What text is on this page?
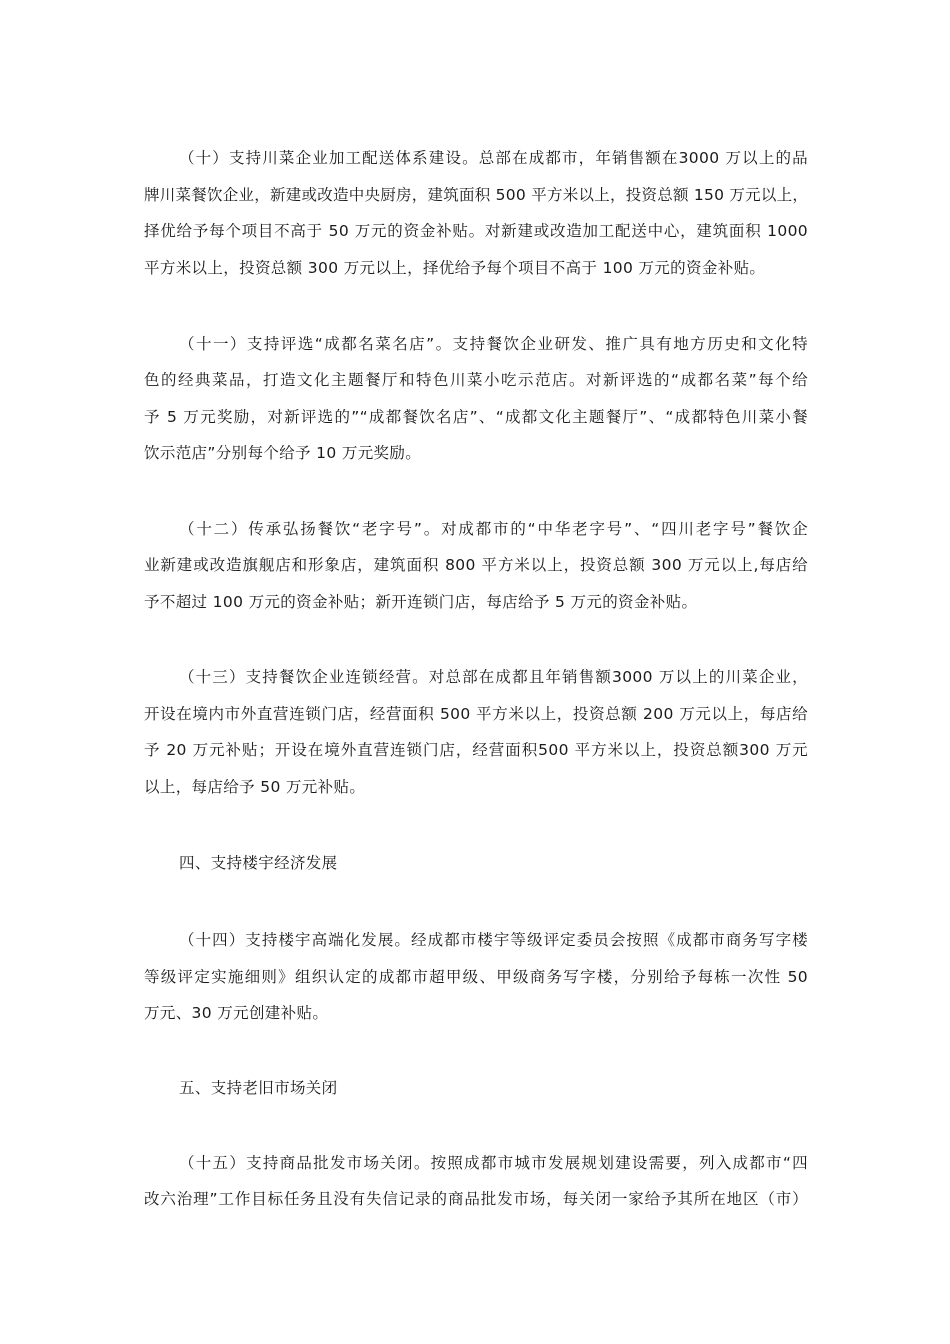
（十）支持川菜企业加工配送体系建设。总部在成都市，年销售额在3000 万以上的品
牌川菜餐饮企业，新建或改造中央厨房，建筑面积 500 平方米以上，投资总额 150 万元以上，
择优给予每个项目不高于 50 万元的资金补贴。对新建或改造加工配送中心，建筑面积 1000
平方米以上，投资总额 300 万元以上，择优给予每个项目不高于 100 万元的资金补贴。
（十一）支持评选“成都名菜名店”。支持餐饮企业研发、推广具有地方历史和文化特
色的经典菜品，打造文化主题餐厅和特色川菜小吃示范店。对新评选的“成都名菜”每个给
予 5 万元奖励，对新评选的”“成都餐饮名店”、“成都文化主题餐厅”、“成都特色川菜小餐
饮示范店”分别每个给予 10 万元奖励。
（十二）传承弘扬餐饮“老字号”。对成都市的“中华老字号”、“四川老字号”餐饮企
业新建或改造旗舰店和形象店，建筑面积 800 平方米以上，投资总额 300 万元以上,每店给
予不超过 100 万元的资金补贴；新开连锁门店，每店给予 5 万元的资金补贴。
（十三）支持餐饮企业连锁经营。对总部在成都且年销售额3000 万以上的川菜企业，
开设在境内市外直营连锁门店，经营面积 500 平方米以上，投资总额 200 万元以上，每店给
予 20 万元补贴；开设在境外直营连锁门店，经营面积500 平方米以上，投资总额300 万元
以上，每店给予 50 万元补贴。
四、支持楼宇经济发展
（十四）支持楼宇高端化发展。经成都市楼宇等级评定委员会按照《成都市商务写字楼
等级评定实施细则》组织认定的成都市超甲级、甲级商务写字楼，分别给予每栋一次性 50
万元、30 万元创建补贴。
五、支持老旧市场关闭
（十五）支持商品批发市场关闭。按照成都市城市发展规划建设需要，列入成都市“四
改六治理”工作目标任务且没有失信记录的商品批发市场，每关闭一家给予其所在地区（市）
